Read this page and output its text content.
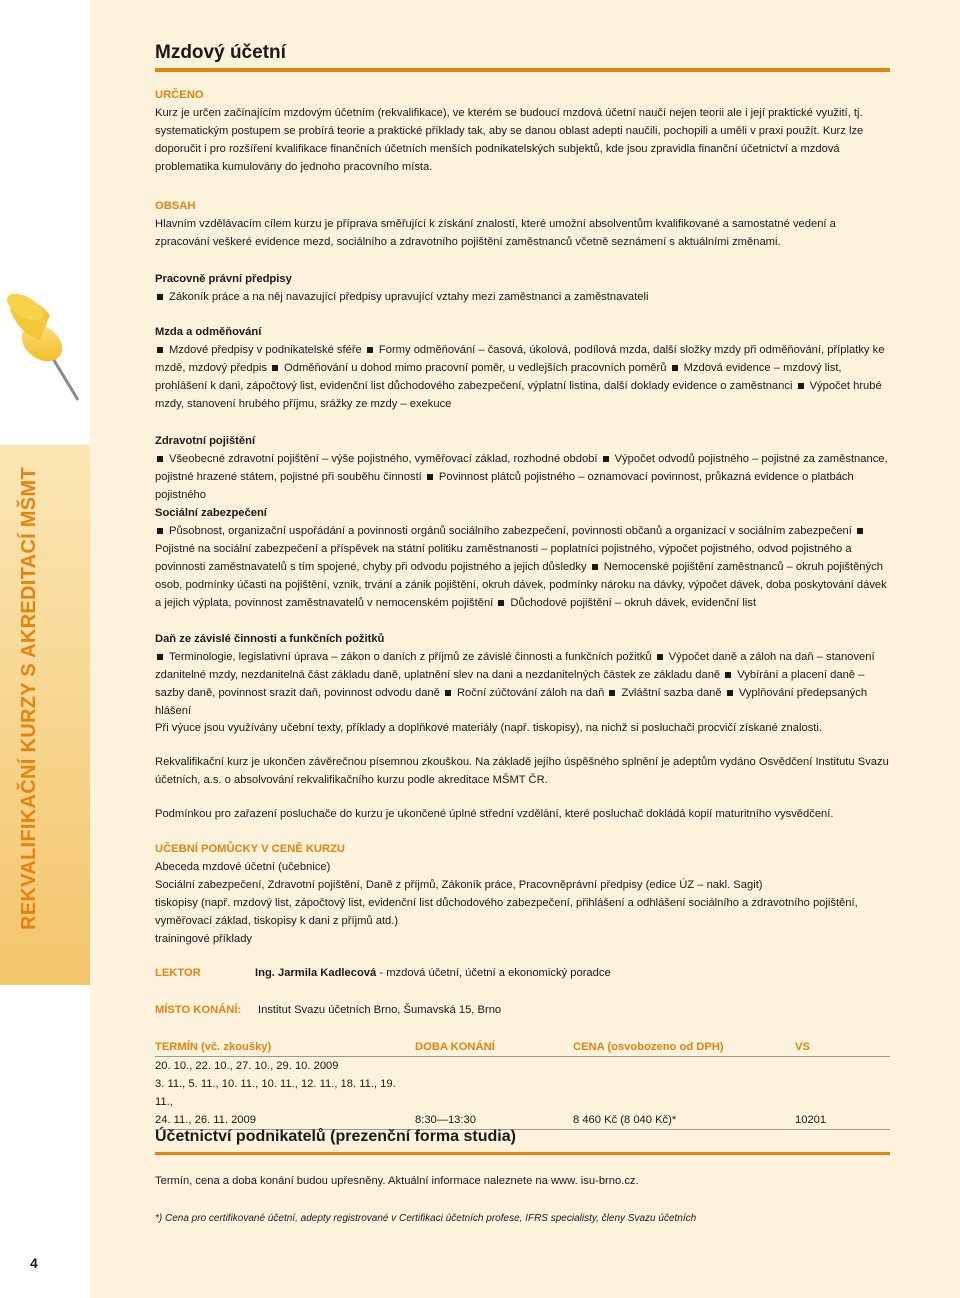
REKVALIFIKAČNÍ KURZY S AKREDITACÍ MŠMT
4
Mzdový účetní
URČENO

Kurz je určen začínajícím mzdovým účetním (rekvalifikace), ve kterém se budoucí mzdová účetní naučí nejen teorii ale i její praktické využití, tj. systematickým postupem se probírá teorie a praktické příklady tak, aby se danou oblast adepti naučili, pochopili a uměli v praxi použít. Kurz lze doporučit i pro rozšíření kvalifikace finančních účetních menších podnikatelských subjektů, kde jsou zpravidla finanční účetnictví a mzdová problematika kumulovány do jednoho pracovního místa.

OBSAH

Hlavním vzdělávacím cílem kurzu je příprava směřující k získání znalostí, které umožní absolventům kvalifikované a samostatné vedení a zpracování veškeré evidence mezd, sociálního a zdravotního pojištění zaměstnanců včetně seznámení s aktuálními změnami.

Pracovně právní předpisy

Zákoník práce a na něj navazující předpisy upravující vztahy mezi zaměstnanci a zaměstnavateli

Mzda a odměňování

Mzdové předpisy v podnikatelské sféře Formy odměňování – časová, úkolová, podílová mzda, další složky mzdy při odměňování, příplatky ke mzdě, mzdový předpis Odměňování u dohod mimo pracovní poměr, u vedlejších pracovních poměrů Mzdová evidence – mzdový list, prohlášení k dani, zápočtový list, evidenční list důchodového zabezpečení, výplatní listina, další doklady evidence o zaměstnanci Výpočet hrubé mzdy, stanovení hrubého příjmu, srážky ze mzdy – exekuce

Zdravotní pojištění

Všeobecné zdravotní pojištění – výše pojistného, vyměřovací základ, rozhodné období Výpočet odvodů pojistného – pojistné za zaměstnance, pojistné hrazené státem, pojistné při souběhu činností Povinnost plátců pojistného – oznamovací povinnost, průkazná evidence o platbách pojistného

Sociální zabezpečení

Působnost, organizační uspořádání a povinnosti orgánů sociálního zabezpečení, povinnosti občanů a organizací v sociálním zabezpečení Pojistné na sociální zabezpečení a příspěvek na státní politiku zaměstnanosti – poplatníci pojistného, výpočet pojistného, odvod pojistného a povinnosti zaměstnavatelů s tím spojené, chyby při odvodu pojistného a jejich důsledky Nemocenské pojištění zaměstnanců – okruh pojištěných osob, podmínky účasti na pojištění, vznik, trvání a zánik pojištění, okruh dávek, podmínky nároku na dávky, výpočet dávek, doba poskytování dávek a jejich výplata, povinnost zaměstnavatelů v nemocenském pojištění Důchodové pojištění – okruh dávek, evidenční list

Daň ze závislé činnosti a funkčních požitků

Terminologie, legislativní úprava – zákon o daních z příjmů ze závislé činnosti a funkčních požitků Výpočet daně a záloh na daň – stanovení zdanitelné mzdy, nezdanitelná část základu daně, uplatnění slev na dani a nezdanitelných částek ze základu daně Vybírání a placení daně – sazby daně, povinnost srazit daň, povinnost odvodu daně Roční zúčtování záloh na daň Zvláštní sazba daně Vyplňování předepsaných hlášení

Při výuce jsou využívány učební texty, příklady a doplňkové materiály (např. tiskopisy), na nichž si posluchači procvičí získané znalosti.

Rekvalifikační kurz je ukončen závěrečnou písemnou zkouškou. Na základě jejího úspěšného splnění je adeptům vydáno Osvědčení Institutu Svazu účetních, a.s. o absolvování rekvalifikačního kurzu podle akreditace MŠMT ČR.

Podmínkou pro zařazení posluchače do kurzu je ukončené úplné střední vzdělání, které posluchač dokládá kopií maturitního vysvědčení.

UČEBNÍ POMŮCKY V CENĚ KURZU

Abeceda mzdové účetní (učebnice)

Sociální zabezpečení, Zdravotní pojištění, Daně z příjmů, Zákoník práce, Pracovněprávní předpisy (edice ÚZ – nakl. Sagit)

tiskopisy (např. mzdový list, zápočtový list, evidenční list důchodového zabezpečení, přihlášení a odhlášení sociálního a zdravotního pojištění, vyměřovací základ, tiskopisy k dani z příjmů atd.)

trainingové příklady

LEKTOR	Ing. Jarmila Kadlecová - mzdová účetní, účetní a ekonomický poradce
MÍSTO KONÁNÍ: Institut Svazu účetních Brno, Šumavská 15, Brno
TERMÍN (vč. zkoušky)	DOBA KONÁNÍ	CENA (osvobozeno od DPH)	VS
20. 10., 22. 10., 27. 10., 29. 10. 2009			
3. 11., 5. 11., 10. 11., 10. 11., 12. 11., 18. 11., 19. 11.,			
24. 11., 26. 11. 2009	8:30—13:30	8 460 Kč (8 040 Kč)*	10201
Účetnictví podnikatelů (prezenční forma studia)

Termín, cena a doba konání budou upřesněny. Aktuální informace naleznete na www. isu-brno.cz.

*) Cena pro certifikované účetní, adepty registrované v Certifikaci účetních profese, IFRS specialisty, členy Svazu účetních
